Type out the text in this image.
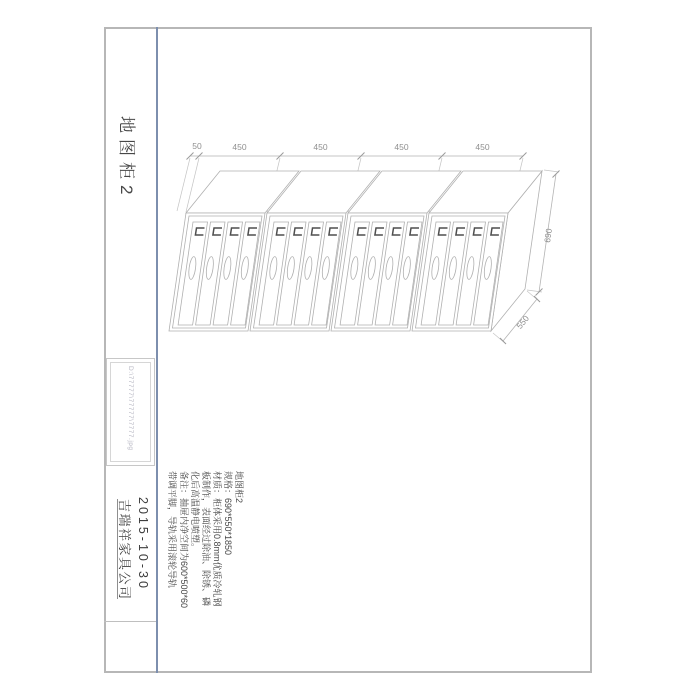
地图柜2
D:\77777\77777\7777.jpg
吉瑞祥家具公司 2015-10-30
地图柜2
规格：690*550*1850
材质：柜体采用0.8mm优质冷轧钢
板制作，表面经过除油、除锈、磷
化后高温静电喷塑。
备注：抽屉内净空间为600*500*60
带调平脚，导轨采用滚轮导轨
50	450	450	450	450
690
550
